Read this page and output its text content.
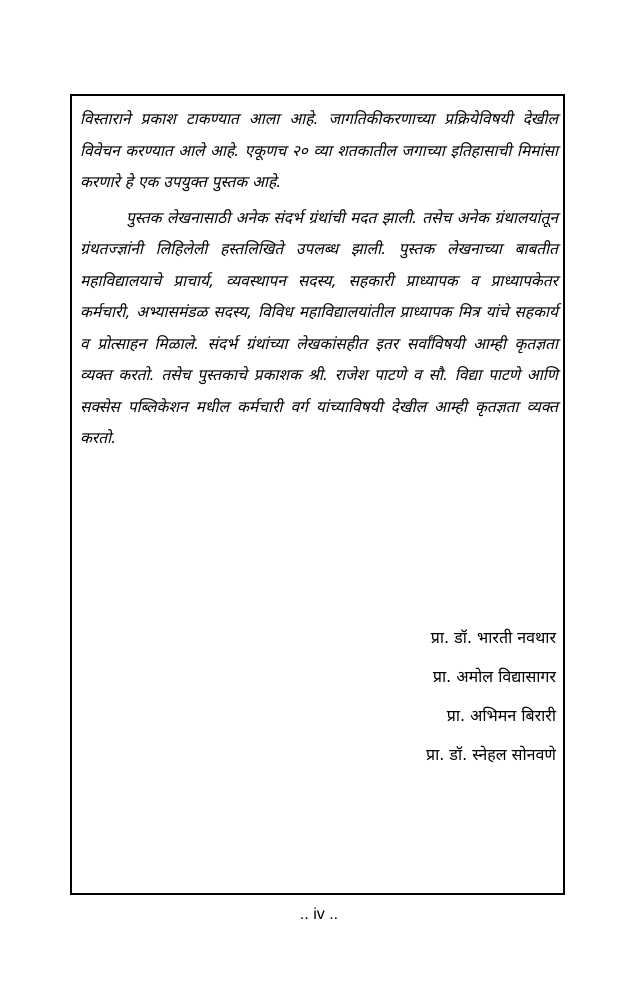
विस्ताराने प्रकाश टाकण्यात आला आहे. जागतिकीकरणाच्या प्रक्रियेविषयी देखील विवेचन करण्यात आले आहे. एकूणच २० व्या शतकातील जगाच्या इतिहासाची मिमांसा करणारे हे एक उपयुक्त पुस्तक आहे.

पुस्तक लेखनासाठी अनेक संदर्भ ग्रंथांची मदत झाली. तसेच अनेक ग्रंथालयांतून ग्रंथतज्ज्ञांनी लिहिलेली हस्तलिखिते उपलब्ध झाली. पुस्तक लेखनाच्या बाबतीत महाविद्यालयाचे प्राचार्य, व्यवस्थापन सदस्य, सहकारी प्राध्यापक व प्राध्यापकेतर कर्मचारी, अभ्यासमंडळ सदस्य, विविध महाविद्यालयांतील प्राध्यापक मित्र यांचे सहकार्य व प्रोत्साहन मिळाले. संदर्भ ग्रंथांच्या लेखकांसहीत इतर सर्वांविषयी आम्ही कृतज्ञता व्यक्त करतो. तसेच पुस्तकाचे प्रकाशक श्री. राजेश पाटणे व सौ. विद्या पाटणे आणि सक्सेस पब्लिकेशन मधील कर्मचारी वर्ग यांच्याविषयी देखील आम्ही कृतज्ञता व्यक्त करतो.

प्रा. डॉ. भारती नवथार
प्रा. अमोल विद्यासागर
प्रा. अभिमन बिरारी
प्रा. डॉ. स्नेहल सोनवणे
.. iv ..
